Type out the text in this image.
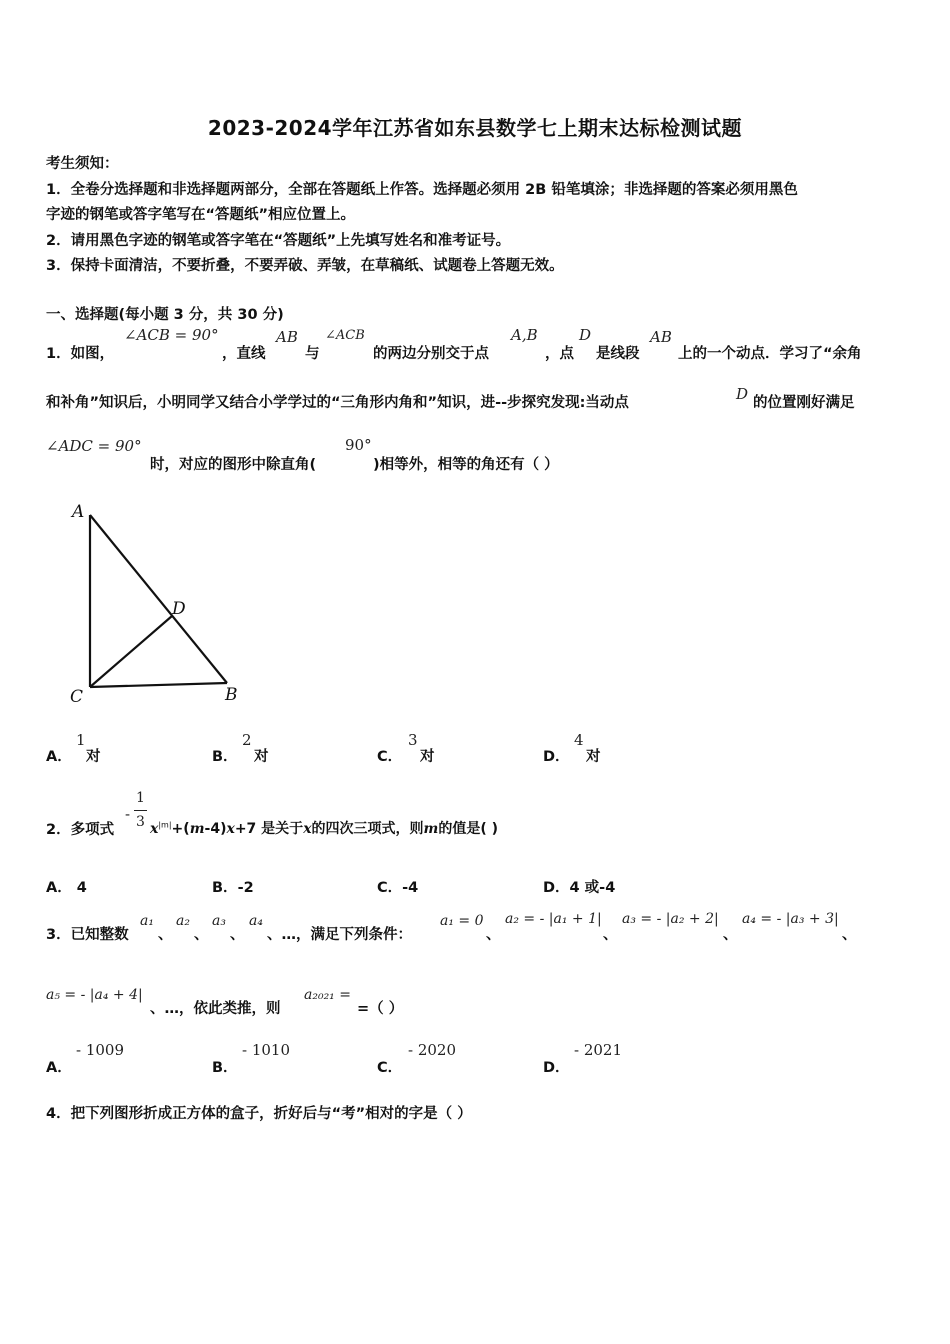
2023-2024学年江苏省如东县数学七上期末达标检测试题
考生须知：
1．全卷分选择题和非选择题两部分，全部在答题纸上作答。选择题必须用 2B 铅笔填涂；非选择题的答案必须用黑色
字迹的钢笔或答字笔写在“答题纸”相应位置上。
2．请用黑色字迹的钢笔或答字笔在“答题纸”上先填写姓名和准考证号。
3．保持卡面清洁，不要折叠，不要弄破、弄皱，在草稿纸、试题卷上答题无效。
一、选择题(每小题 3 分，共 30 分)
1．如图，
∠ACB = 90°
，直线
AB
与
∠ACB
的两边分别交于点
A,B
，点
D
是线段
AB
上的一个动点．学习了“余角
和补角”知识后，小明同学又结合小学学过的“三角形内角和”知识，进--步探究发现:当动点	D 的位置刚好满足
∠ADC = 90°
时，对应的图形中除直角(
90°
)相等外，相等的角还有（ ）
A
D
C	B
A．
1
对	B．
2
对	C．
3
对	D．
4
对
2．多项式
-
1
3 $x^{|m|}+(m-4)x+7$ 是关于x的四次三项式，则m的值是( )
A． 4	B．-2	C．-4	D．4 或-4
3．已知整数
a₁
、
a₂
、
a₃
、
a₄
、…，满足下列条件：
a₁ = 0
、
a₂ = - |a₁ + 1|
、
a₃ = - |a₂ + 2|
、
a₄ = - |a₃ + 3|
、
a₅ = - |a₄ + 4|
、…，依此类推，则
a₂₀₂₁ =
=（ ）
A．
- 1009
B．
- 1010
C．
- 2020
D．
- 2021
4．把下列图形折成正方体的盒子，折好后与“考”相对的字是（ ）
